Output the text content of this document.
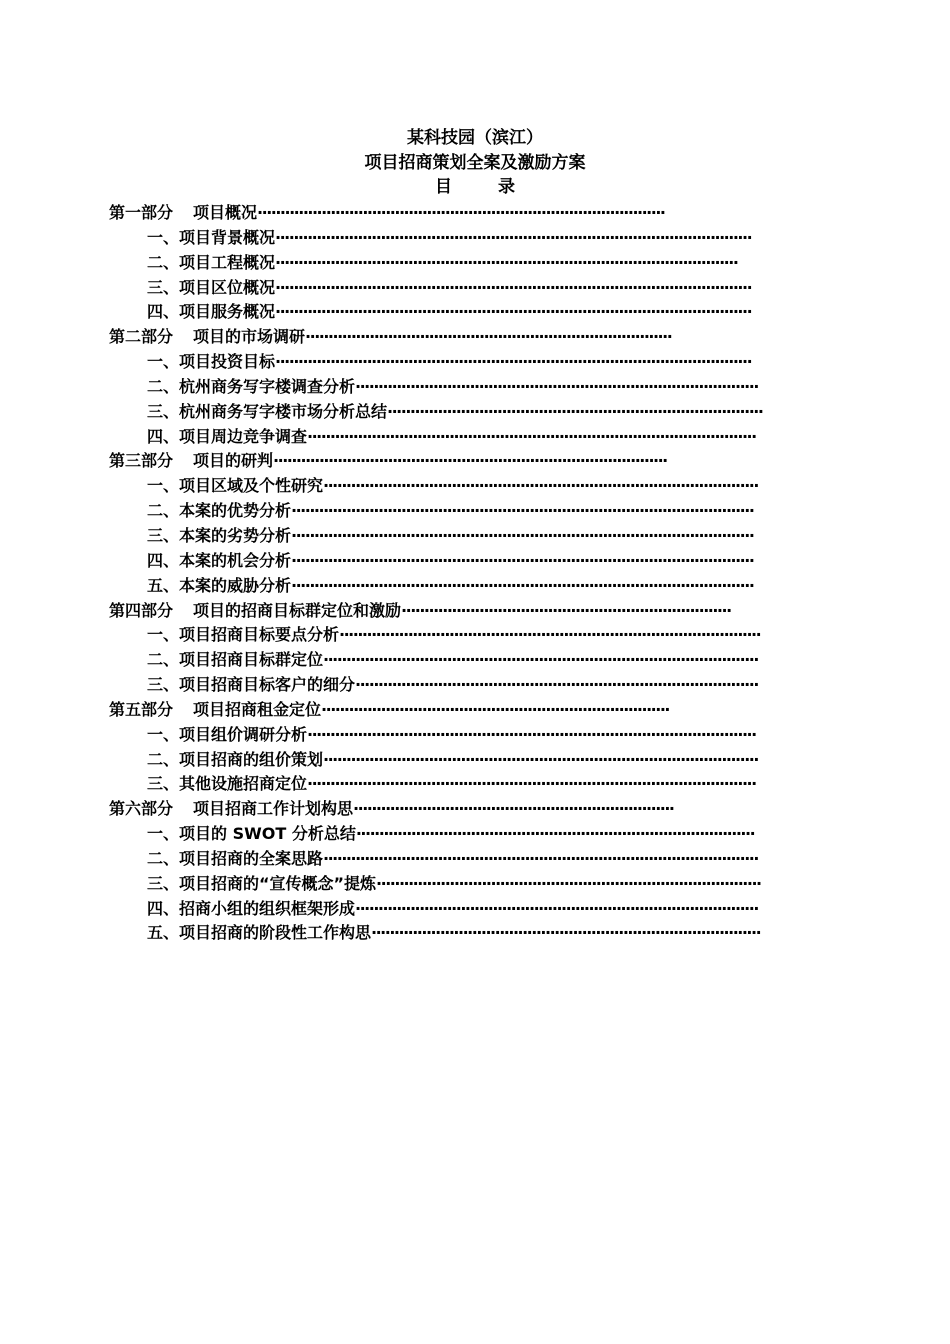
某科技园（滨江）
项目招商策划全案及激励方案
目	录
第一部分 项目概况·························································································
一、项目背景概况········································································································
二、项目工程概况·····································································································
三、项目区位概况········································································································
四、项目服务概况········································································································
第二部分 项目的市场调研················································································
一、项目投资目标········································································································
二、杭州商务写字楼调查分析························································································
三、杭州商务写字楼市场分析总结··················································································
四、项目周边竞争调查··································································································
第三部分 项目的研判······················································································
一、项目区域及个性研究·······························································································
二、本案的优势分析·····································································································
三、本案的劣势分析·····································································································
四、本案的机会分析·····································································································
五、本案的威胁分析·····································································································
第四部分 项目的招商目标群定位和激励········································································
一、项目招商目标要点分析····························································································
二、项目招商目标群定位·······························································································
三、项目招商目标客户的细分························································································
第五部分 项目招商租金定位············································································
一、项目组价调研分析··································································································
二、项目招商的组价策划·······························································································
三、其他设施招商定位··································································································
第六部分 项目招商工作计划构思······································································
一、项目的 SWOT 分析总结·······················································································
二、项目招商的全案思路·······························································································
三、项目招商的“宣传概念”提炼····················································································
四、招商小组的组织框架形成························································································
五、项目招商的阶段性工作构思·····················································································
